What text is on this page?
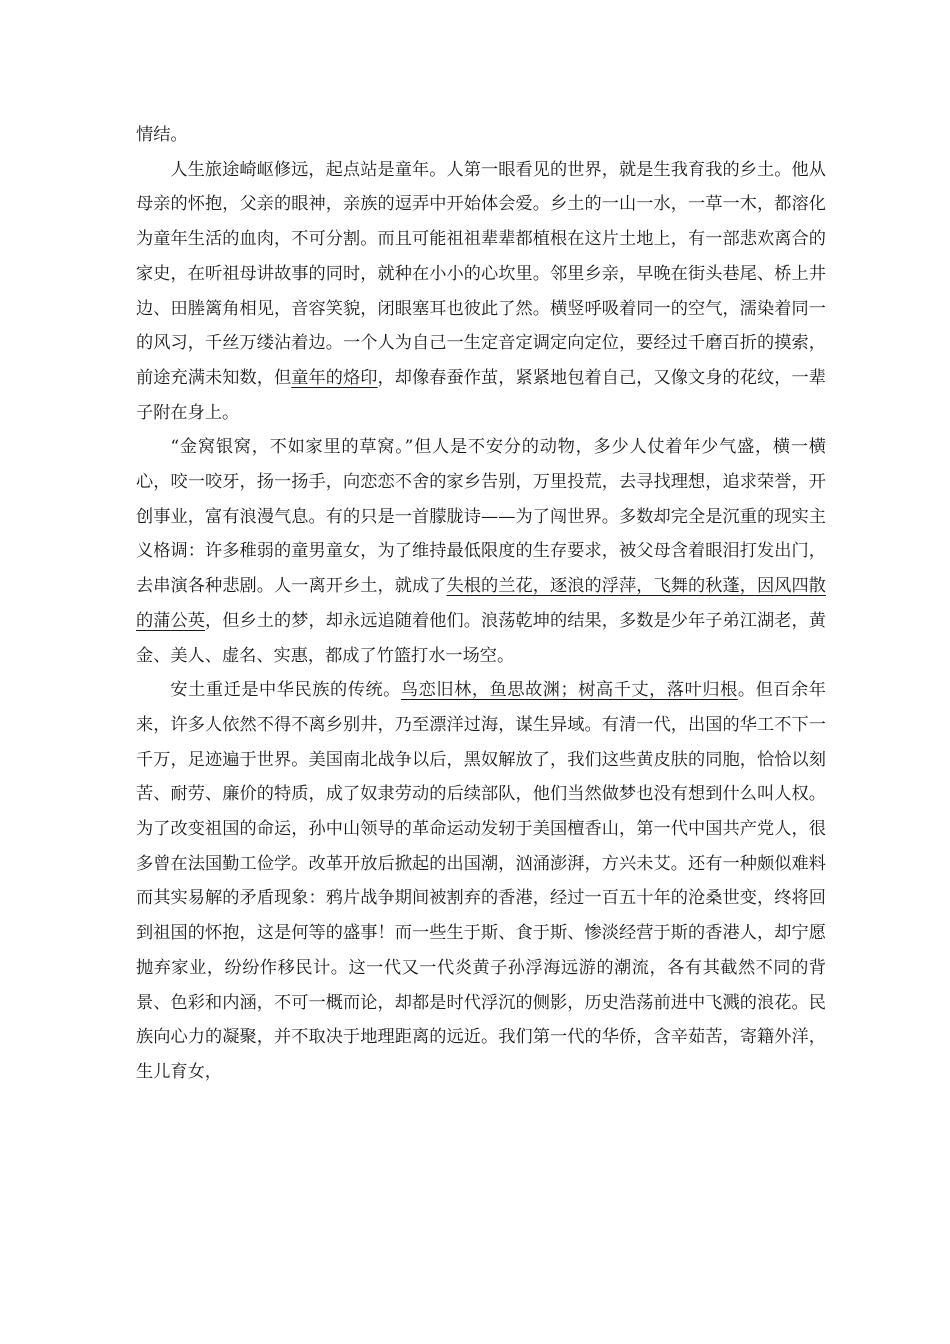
情结。

人生旅途崎岖修远，起点站是童年。人第一眼看见的世界，就是生我育我的乡土。他从母亲的怀抱，父亲的眼神，亲族的逗弄中开始体会爱。乡土的一山一水，一草一木，都溶化为童年生活的血肉，不可分割。而且可能祖祖辈辈都植根在这片土地上，有一部悲欢离合的家史，在听祖母讲故事的同时，就种在小小的心坎里。邻里乡亲，早晚在街头巷尾、桥上井边、田塍篱角相见，音容笑貌，闭眼塞耳也彼此了然。横竖呼吸着同一的空气，濡染着同一的风习，千丝万缕沾着边。一个人为自己一生定音定调定向定位，要经过千磨百折的摸索，前途充满未知数，但童年的烙印，却像春蚕作茧，紧紧地包着自己，又像文身的花纹，一辈子附在身上。

“金窝银窝，不如家里的草窝。”但人是不安分的动物，多少人仗着年少气盛，横一横心，咬一咬牙，扬一扬手，向恋恋不舍的家乡告别，万里投荒，去寻找理想，追求荣誉，开创事业，富有浪漫气息。有的只是一首朦胧诗——为了闯世界。多数却完全是沉重的现实主义格调：许多稚弱的童男童女，为了维持最低限度的生存要求，被父母含着眼泪打发出门，去串演各种悲剧。人一离开乡土，就成了失根的兰花，逐浪的浮萍，飞舞的秋蓬，因风四散的蒲公英，但乡土的梦，却永远追随着他们。浪荡乾坤的结果，多数是少年子弟江湖老，黄金、美人、虚名、实惠，都成了竹篮打水一场空。

安土重迁是中华民族的传统。鸟恋旧林，鱼思故渊；树高千丈，落叶归根。但百余年来，许多人依然不得不离乡别井，乃至漂洋过海，谋生异域。有清一代，出国的华工不下一千万，足迹遍于世界。美国南北战争以后，黑奴解放了，我们这些黄皮肤的同胞，恰恰以刻苦、耐劳、廉价的特质，成了奴隶劳动的后续部队，他们当然做梦也没有想到什么叫人权。为了改变祖国的命运，孙中山领导的革命运动发轫于美国檀香山，第一代中国共产党人，很多曾在法国勤工俭学。改革开放后掀起的出国潮，汹涌澎湃，方兴未艾。还有一种颇似难料而其实易解的矛盾现象：鸦片战争期间被割弃的香港，经过一百五十年的沧桑世变，终将回到祖国的怀抱，这是何等的盛事！而一些生于斯、食于斯、惨淡经营于斯的香港人，却宁愿抛弃家业，纷纷作移民计。这一代又一代炎黄子孙浮海远游的潮流，各有其截然不同的背景、色彩和内涵，不可一概而论，却都是时代浮沉的侧影，历史浩荡前进中飞溅的浪花。民族向心力的凝聚，并不取决于地理距离的远近。我们第一代的华侨，含辛茹苦，寄籍外洋，生儿育女，
